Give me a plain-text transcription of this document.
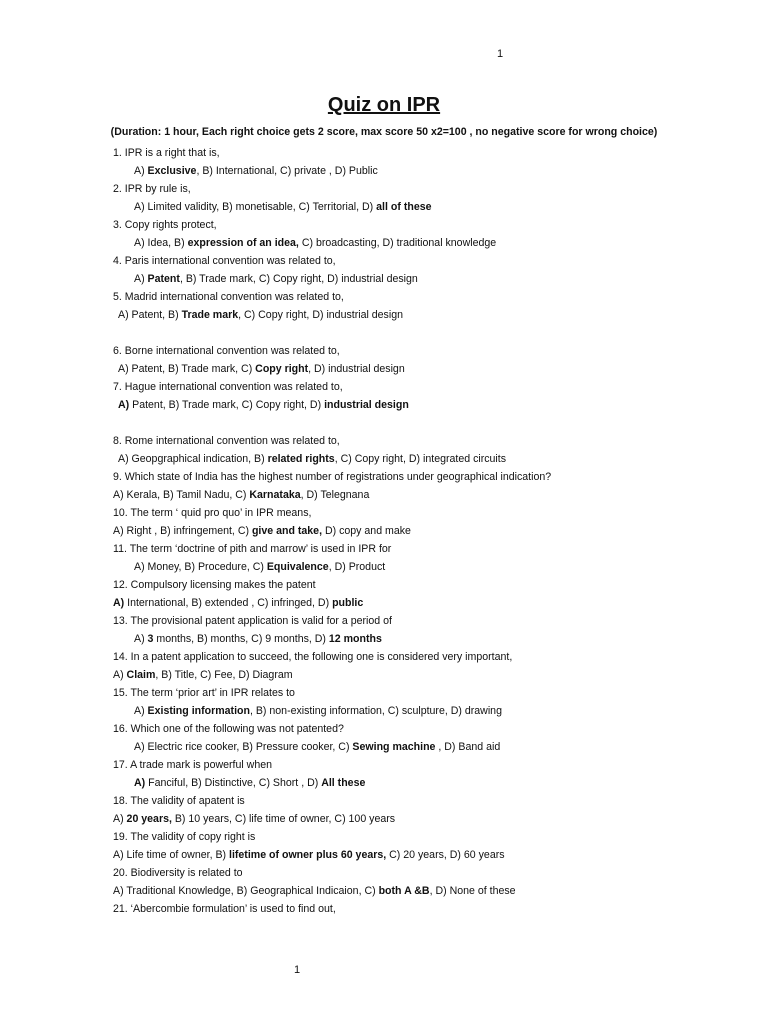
1
Quiz on IPR

(Duration: 1 hour, Each right choice gets 2 score, max score 50 x2=100 , no negative score for wrong choice)

1. IPR is a right that is,
A) Exclusive, B) International, C) private , D) Public
2. IPR by rule is,
A) Limited validity, B) monetisable, C) Territorial, D) all of these
3. Copy rights protect,
A) Idea, B) expression of an idea, C) broadcasting, D) traditional knowledge
4. Paris international convention was related to,
A) Patent, B) Trade mark, C) Copy right, D) industrial design
5. Madrid international convention was related to,
A) Patent, B) Trade mark, C) Copy right, D) industrial design
6. Borne international convention was related to,
A) Patent, B) Trade mark, C) Copy right, D) industrial design
7. Hague international convention was related to,
A) Patent, B) Trade mark, C) Copy right, D) industrial design
8. Rome international convention was related to,
A) Geopgraphical indication, B) related rights, C) Copy right, D) integrated circuits
9. Which state of India has the highest number of registrations under geographical indication?
A) Kerala, B) Tamil Nadu, C) Karnataka, D) Telegnana
10. The term ‘ quid pro quo’ in IPR means,
A) Right , B) infringement, C) give and take, D) copy and make
11. The term ‘doctrine of pith and marrow’ is used in IPR for
A) Money, B) Procedure, C) Equivalence, D) Product
12. Compulsory licensing makes the patent
A) International, B) extended , C) infringed, D) public
13. The provisional patent application is valid for a period of
A) 3 months, B) months, C) 9 months, D) 12 months
14. In a patent application to succeed, the following one is considered very important,
A) Claim, B) Title, C) Fee, D) Diagram
15. The term ‘prior art’ in IPR relates to
A) Existing information, B) non-existing information, C) sculpture, D) drawing
16. Which one of the following was not patented?
A) Electric rice cooker, B) Pressure cooker, C) Sewing machine , D) Band aid
17. A trade mark is powerful when
A) Fanciful, B) Distinctive, C) Short , D) All these
18. The validity of apatent is
A) 20 years, B) 10 years, C) life time of owner, C) 100 years
19. The validity of copy right is
A) Life time of owner, B) lifetime of owner plus 60 years, C) 20 years, D) 60 years
20. Biodiversity is related to
A) Traditional Knowledge, B) Geographical Indicaion, C) both A &B, D) None of these
21. ‘Abercombie formulation’ is used to find out,
1
